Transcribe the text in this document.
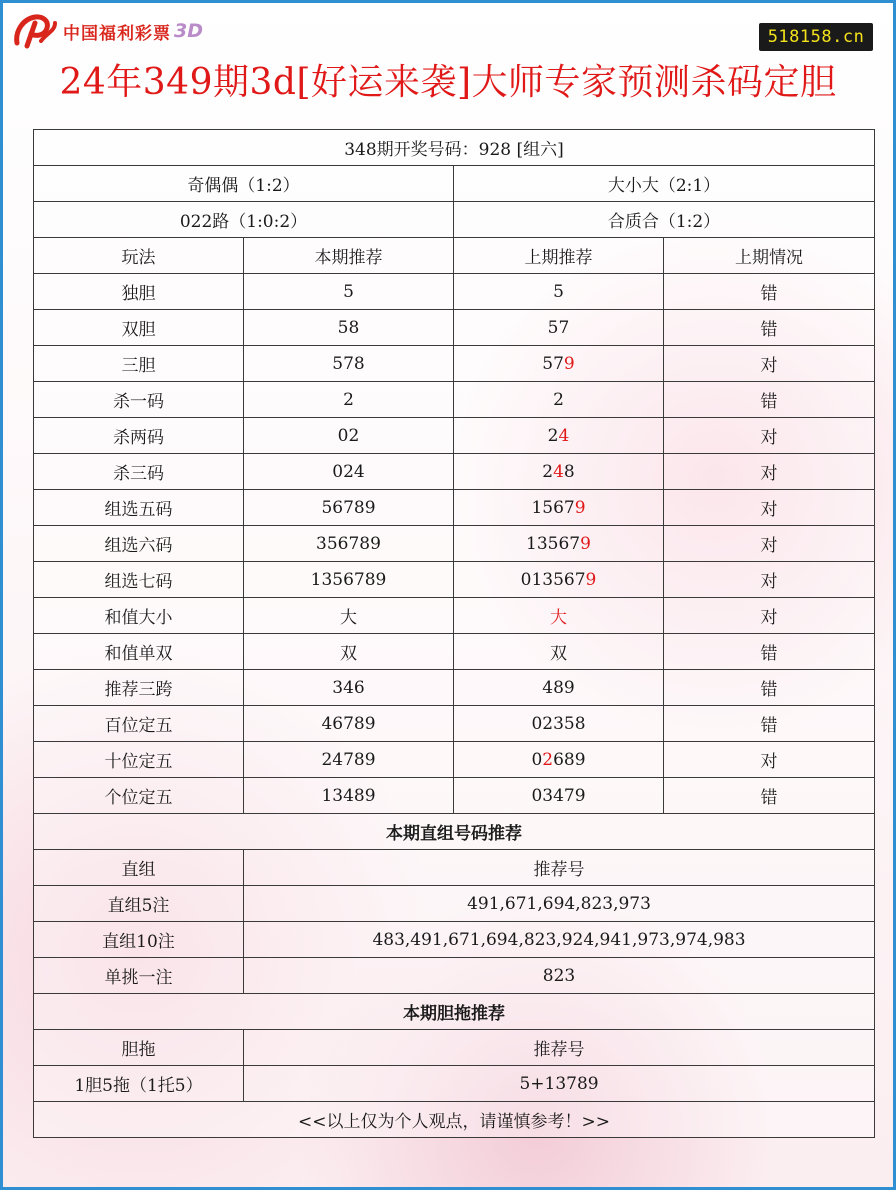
中国福利彩票 3D	518158.cn
24年349期3d[好运来袭]大师专家预测杀码定胆
348期开奖号码：928 [组六]			
奇偶偶（1:2）		大小大（2:1）	
022路（1:0:2）		合质合（1:2）	
玩法	本期推荐	上期推荐	上期情况
独胆	5	5	错
双胆	58	57	错
三胆	578	579	对
杀一码	2	2	错
杀两码	02	24	对
杀三码	024	248	对
组选五码	56789	15679	对
组选六码	356789	135679	对
组选七码	1356789	0135679	对
和值大小	大	大	对
和值单双	双	双	错
推荐三跨	346	489	错
百位定五	46789	02358	错
十位定五	24789	02689	对
个位定五	13489	03479	错
本期直组号码推荐			
直组	推荐号		
直组5注	491,671,694,823,973		
直组10注	483,491,671,694,823,924,941,973,974,983		
单挑一注	823		
本期胆拖推荐			
胆拖	推荐号		
1胆5拖（1托5）	5+13789		
<<以上仅为个人观点，请谨慎参考！>>			
